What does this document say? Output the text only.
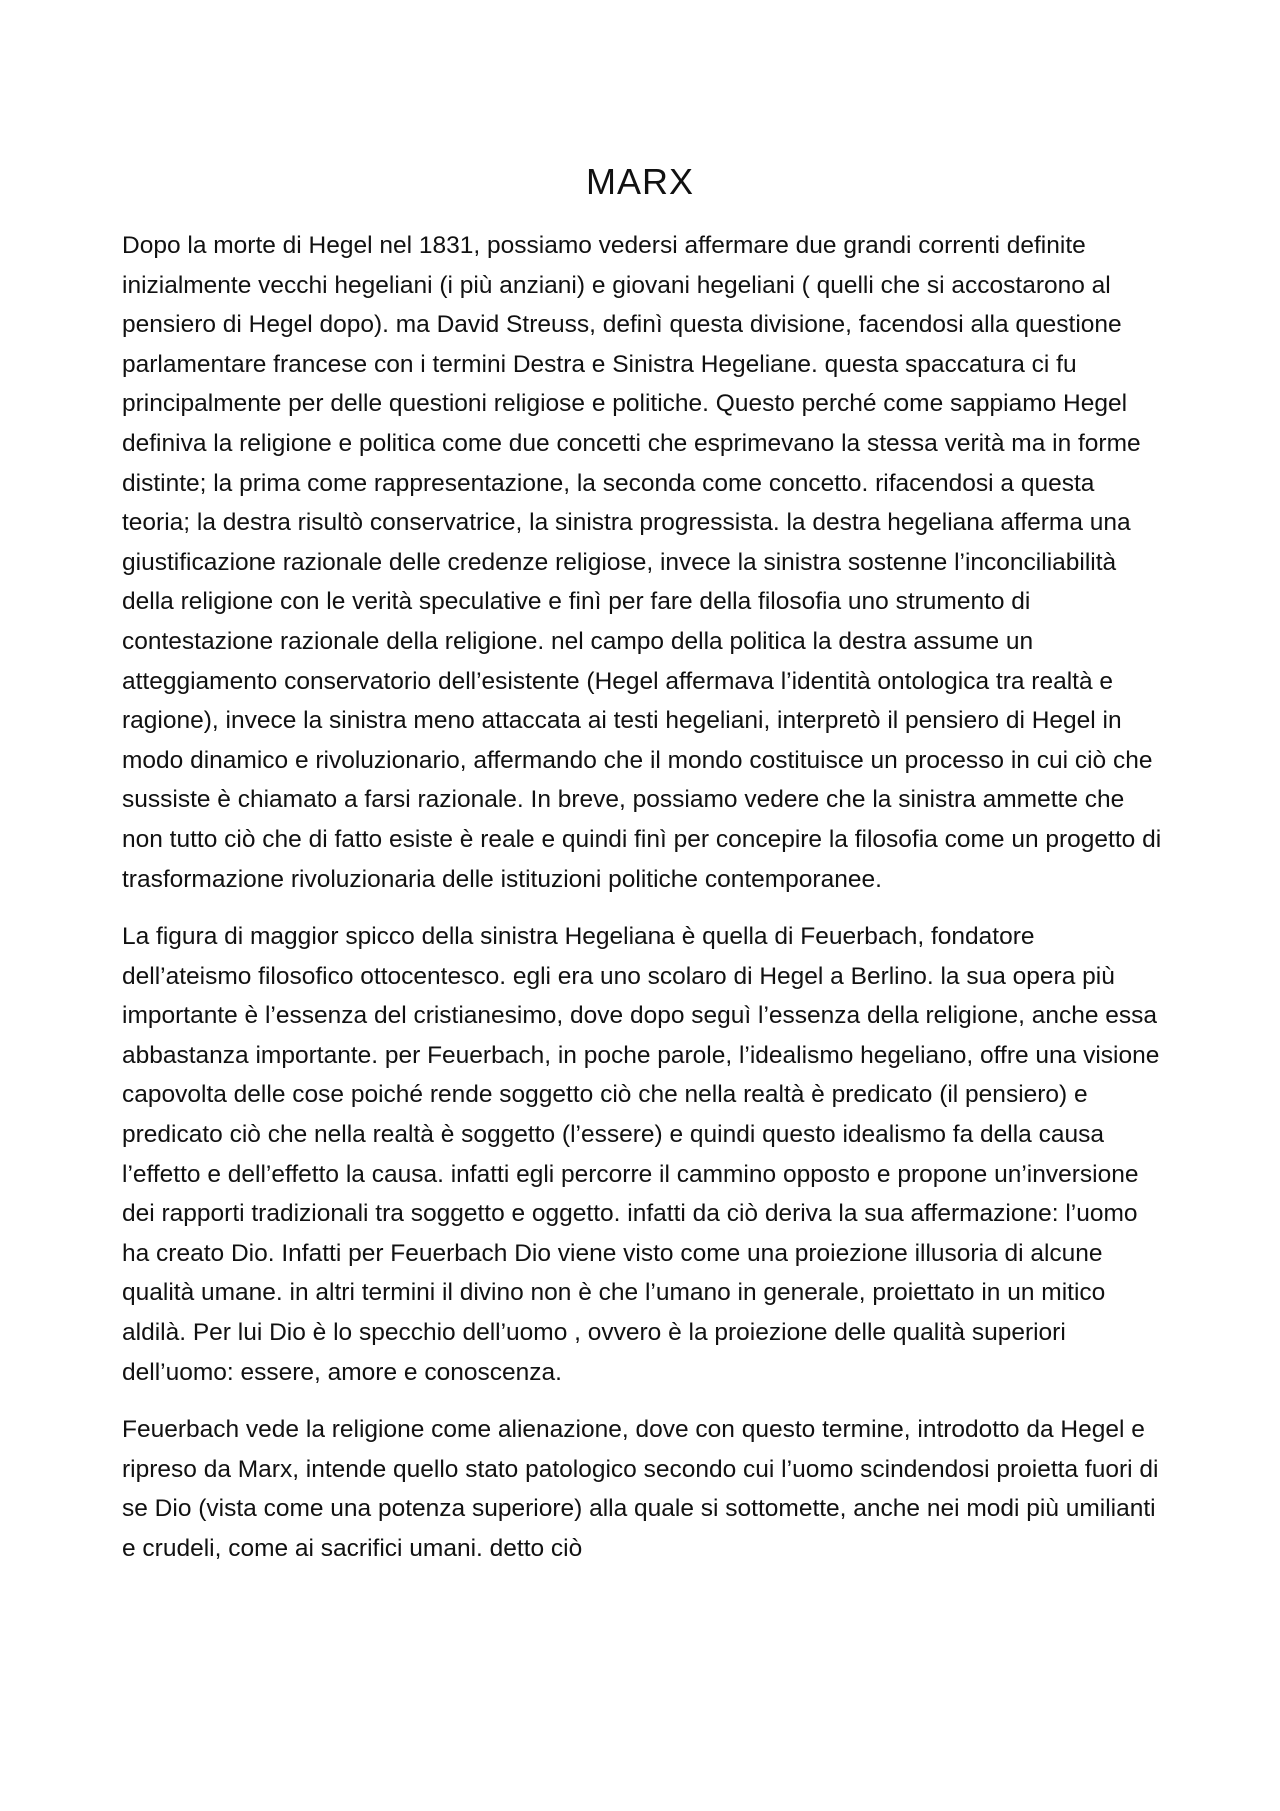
MARX

Dopo la morte di Hegel nel 1831, possiamo vedersi affermare due grandi correnti definite inizialmente vecchi hegeliani (i più anziani) e giovani hegeliani ( quelli che si accostarono al pensiero di Hegel dopo). ma David Streuss, definì questa divisione, facendosi alla questione parlamentare francese con i termini Destra e Sinistra Hegeliane. questa spaccatura ci fu principalmente per delle questioni religiose e politiche. Questo perché come sappiamo Hegel definiva la religione e politica come due concetti che esprimevano la stessa verità ma in forme distinte; la prima come rappresentazione, la seconda come concetto. rifacendosi a questa teoria; la destra risultò conservatrice, la sinistra progressista. la destra hegeliana afferma una giustificazione razionale delle credenze religiose, invece la sinistra sostenne l’inconciliabilità della religione con le verità speculative e finì per fare della filosofia uno strumento di contestazione razionale della religione. nel campo della politica la destra assume un atteggiamento conservatorio dell’esistente (Hegel affermava l’identità ontologica tra realtà e ragione), invece la sinistra meno attaccata ai testi hegeliani, interpretò il pensiero di Hegel in modo dinamico e rivoluzionario, affermando che il mondo costituisce un processo in cui ciò che sussiste è chiamato a farsi razionale. In breve, possiamo vedere che la sinistra ammette che non tutto ciò che di fatto esiste è reale e quindi finì per concepire la filosofia come un progetto di trasformazione rivoluzionaria delle istituzioni politiche contemporanee.

La figura di maggior spicco della sinistra Hegeliana è quella di Feuerbach, fondatore dell’ateismo filosofico ottocentesco. egli era uno scolaro di Hegel a Berlino. la sua opera più importante è l’essenza del cristianesimo, dove dopo seguì l’essenza della religione, anche essa abbastanza importante. per Feuerbach, in poche parole, l’idealismo hegeliano, offre una visione capovolta delle cose poiché rende soggetto ciò che nella realtà è predicato (il pensiero) e predicato ciò che nella realtà è soggetto (l’essere) e quindi questo idealismo fa della causa l’effetto e dell’effetto la causa. infatti egli percorre il cammino opposto e propone un’inversione dei rapporti tradizionali tra soggetto e oggetto. infatti da ciò deriva la sua affermazione: l’uomo ha creato Dio. Infatti per Feuerbach Dio viene visto come una proiezione illusoria di alcune qualità umane. in altri termini il divino non è che l’umano in generale, proiettato in un mitico aldilà. Per lui Dio è lo specchio dell’uomo , ovvero è la proiezione delle qualità superiori dell’uomo: essere, amore e conoscenza.

Feuerbach vede la religione come alienazione, dove con questo termine, introdotto da Hegel e ripreso da Marx, intende quello stato patologico secondo cui l’uomo scindendosi proietta fuori di se Dio (vista come una potenza superiore) alla quale si sottomette, anche nei modi più umilianti e crudeli, come ai sacrifici umani. detto ciò
